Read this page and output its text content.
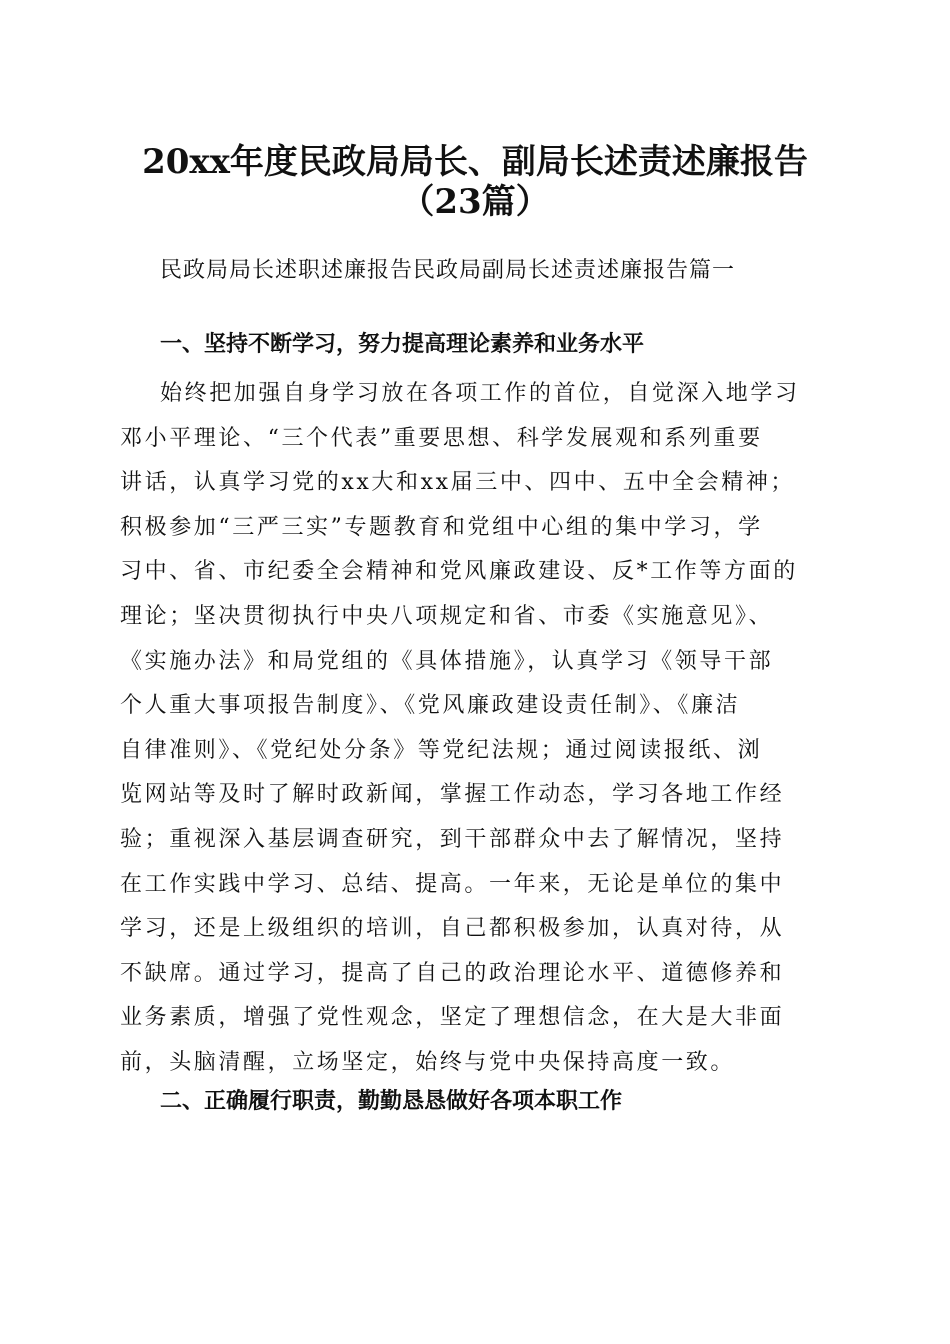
20xx年度民政局局长、副局长述责述廉报告
（23篇）

民政局局长述职述廉报告民政局副局长述责述廉报告篇一

一、坚持不断学习，努力提高理论素养和业务水平

始终把加强自身学习放在各项工作的首位，自觉深入地学习
邓小平理论、“三个代表”重要思想、科学发展观和系列重要
讲话，认真学习党的xx大和xx届三中、四中、五中全会精神；
积极参加“三严三实”专题教育和党组中心组的集中学习，学
习中、省、市纪委全会精神和党风廉政建设、反*工作等方面的
理论；坚决贯彻执行中央八项规定和省、市委《实施意见》、
《实施办法》和局党组的《具体措施》，认真学习《领导干部
个人重大事项报告制度》、《党风廉政建设责任制》、《廉洁
自律准则》、《党纪处分条》等党纪法规；通过阅读报纸、浏
览网站等及时了解时政新闻，掌握工作动态，学习各地工作经
验；重视深入基层调查研究，到干部群众中去了解情况，坚持
在工作实践中学习、总结、提高。一年来，无论是单位的集中
学习，还是上级组织的培训，自己都积极参加，认真对待，从
不缺席。通过学习，提高了自己的政治理论水平、道德修养和
业务素质，增强了党性观念，坚定了理想信念，在大是大非面
前，头脑清醒，立场坚定，始终与党中央保持高度一致。

二、正确履行职责，勤勤恳恳做好各项本职工作
